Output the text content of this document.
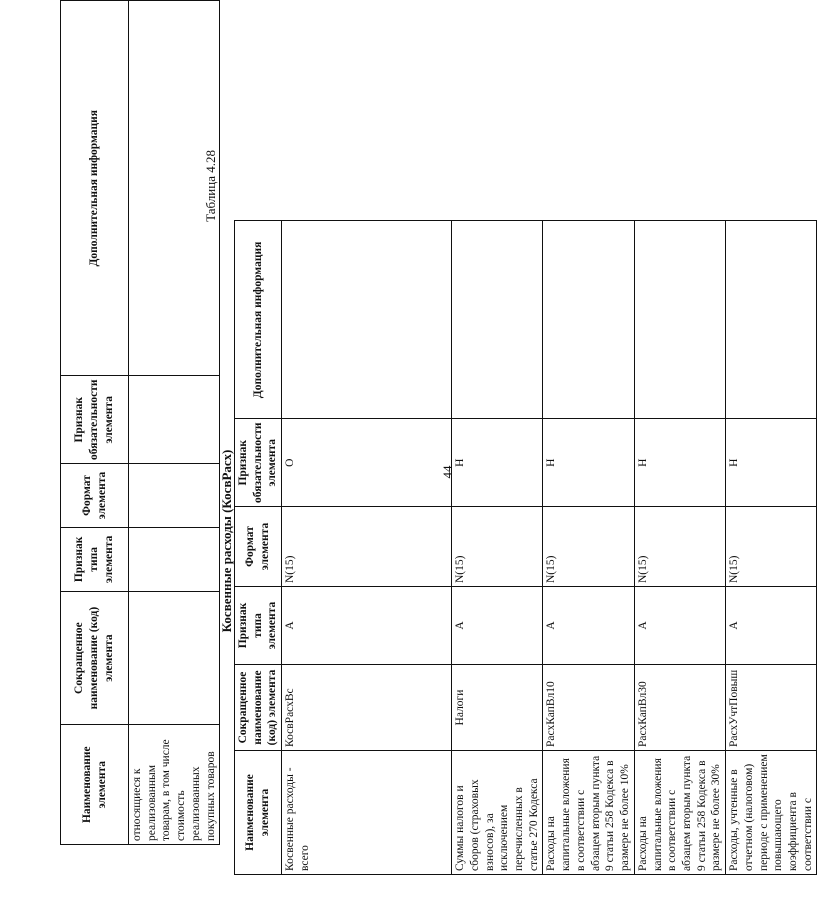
44
Наименование элемента	Сокращенное наименование (код) элемента	Признак типа элемента	Формат элемента	Признак обязательности элемента	Дополнительная информация
относящиеся к реализованным товарам, в том числе стоимость реализованных покупных товаров					
Таблица 4.28
Косвенные расходы (КосвРасх)
Наименование элемента	Сокращенное наименование (код) элемента	Признак типа элемента	Формат элемента	Признак обязательности элемента	Дополнительная информация
Косвенные расходы - всего	КосвРасхВс	А	N(15)	О	
Суммы налогов и сборов (страховых взносов), за исключением перечисленных в статье 270 Кодекса	Налоги	А	N(15)	Н	
Расходы на капитальные вложения в соответствии с абзацем вторым пункта 9 статьи 258 Кодекса в размере не более 10%	РасхКапВл10	А	N(15)	Н	
Расходы на капитальные вложения в соответствии с абзацем вторым пункта 9 статьи 258 Кодекса в размере не более 30%	РасхКапВл30	А	N(15)	Н	
Расходы, учтенные в отчетном (налоговом) периоде с применением повышающего коэффициента в соответствии с	РасхУчтПовыш	А	N(15)	Н	
